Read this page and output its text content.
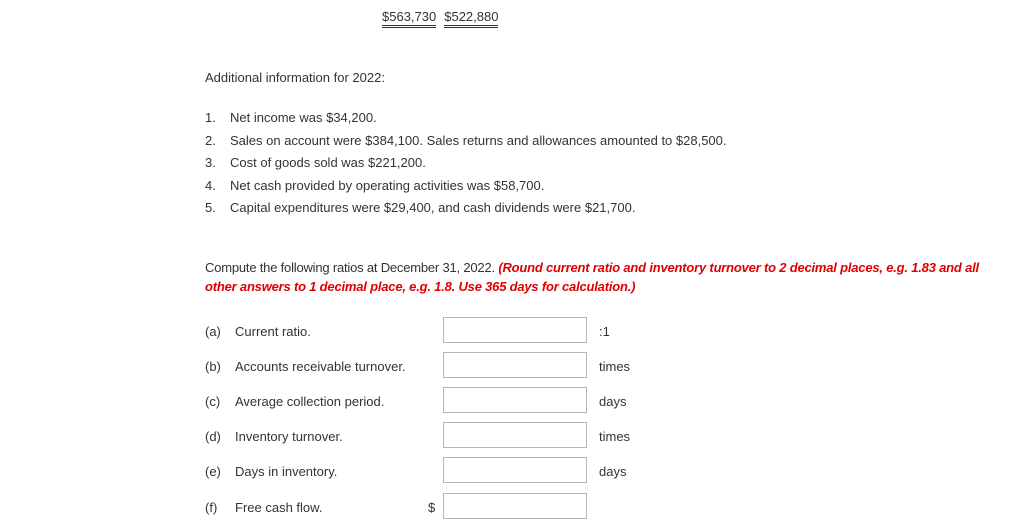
$563,730 $522,880
Additional information for 2022:
1. Net income was $34,200.
2. Sales on account were $384,100. Sales returns and allowances amounted to $28,500.
3. Cost of goods sold was $221,200.
4. Net cash provided by operating activities was $58,700.
5. Capital expenditures were $29,400, and cash dividends were $21,700.
Compute the following ratios at December 31, 2022. (Round current ratio and inventory turnover to 2 decimal places, e.g. 1.83 and all other answers to 1 decimal place, e.g. 1.8. Use 365 days for calculation.)
(a) Current ratio.	:1
(b) Accounts receivable turnover.	times
(c) Average collection period.	days
(d) Inventory turnover.	times
(e) Days in inventory.	days
(f) Free cash flow.	$
